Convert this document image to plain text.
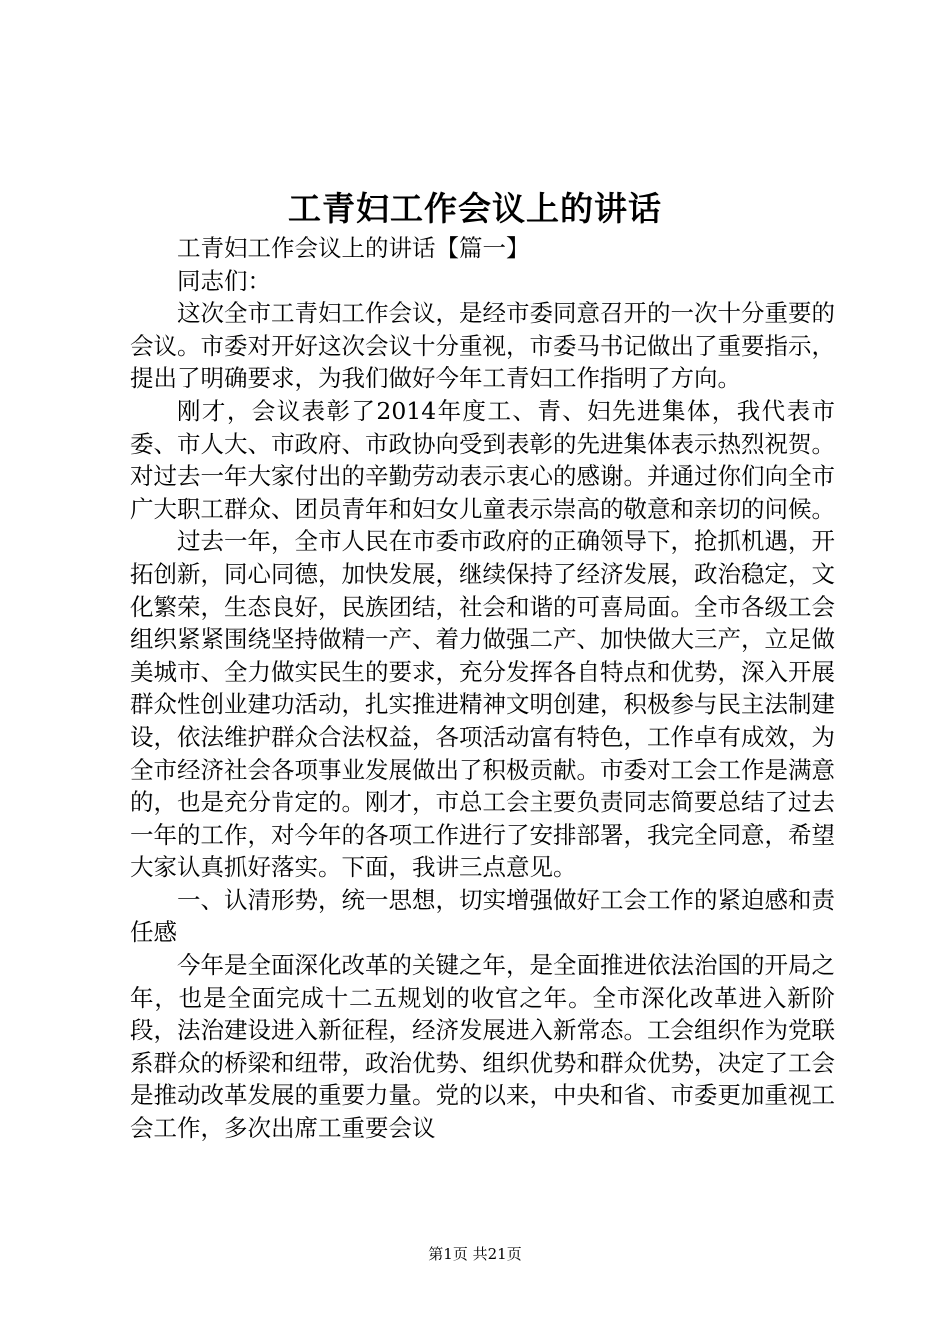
工青妇工作会议上的讲话

工青妇工作会议上的讲话【篇一】

同志们：

这次全市工青妇工作会议，是经市委同意召开的一次十分重要的会议。市委对开好这次会议十分重视，市委马书记做出了重要指示，提出了明确要求，为我们做好今年工青妇工作指明了方向。

刚才，会议表彰了2014年度工、青、妇先进集体，我代表市委、市人大、市政府、市政协向受到表彰的先进集体表示热烈祝贺。对过去一年大家付出的辛勤劳动表示衷心的感谢。并通过你们向全市广大职工群众、团员青年和妇女儿童表示崇高的敬意和亲切的问候。

过去一年，全市人民在市委市政府的正确领导下，抢抓机遇，开拓创新，同心同德，加快发展，继续保持了经济发展，政治稳定，文化繁荣，生态良好，民族团结，社会和谐的可喜局面。全市各级工会组织紧紧围绕坚持做精一产、着力做强二产、加快做大三产，立足做美城市、全力做实民生的要求，充分发挥各自特点和优势，深入开展群众性创业建功活动，扎实推进精神文明创建，积极参与民主法制建设，依法维护群众合法权益，各项活动富有特色，工作卓有成效，为全市经济社会各项事业发展做出了积极贡献。市委对工会工作是满意的，也是充分肯定的。刚才，市总工会主要负责同志简要总结了过去一年的工作，对今年的各项工作进行了安排部署，我完全同意，希望大家认真抓好落实。下面，我讲三点意见。

一、认清形势，统一思想，切实增强做好工会工作的紧迫感和责任感

今年是全面深化改革的关键之年，是全面推进依法治国的开局之年，也是全面完成十二五规划的收官之年。全市深化改革进入新阶段，法治建设进入新征程，经济发展进入新常态。工会组织作为党联系群众的桥梁和纽带，政治优势、组织优势和群众优势，决定了工会是推动改革发展的重要力量。党的以来，中央和省、市委更加重视工会工作，多次出席工重要会议

第1页 共21页
